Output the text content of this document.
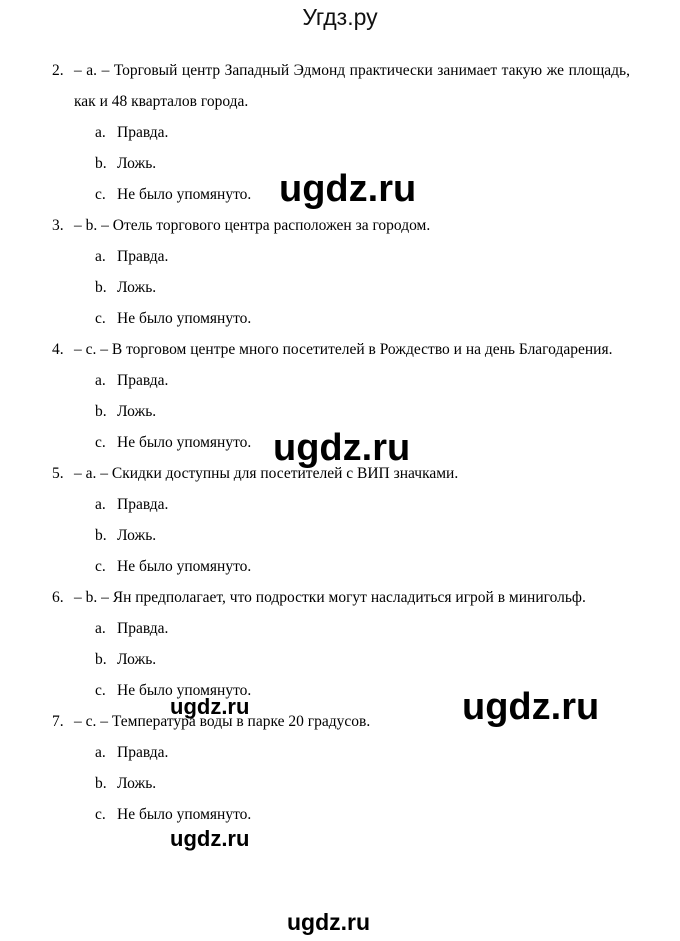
Угдз.ру
2. – a. – Торговый центр Западный Эдмонд практически занимает такую же площадь, как и 48 кварталов города.
a. Правда.
b. Ложь.
c. Не было упомянуто.
3. – b. – Отель торгового центра расположен за городом.
a. Правда.
b. Ложь.
c. Не было упомянуто.
4. – c. – В торговом центре много посетителей в Рождество и на день Благодарения.
a. Правда.
b. Ложь.
c. Не было упомянуто.
5. – a. – Скидки доступны для посетителей с ВИП значками.
a. Правда.
b. Ложь.
c. Не было упомянуто.
6. – b. – Ян предполагает, что подростки могут насладиться игрой в минигольф.
a. Правда.
b. Ложь.
c. Не было упомянуто.
7. – c. – Температура воды в парке 20 градусов.
a. Правда.
b. Ложь.
c. Не было упомянуто.
ugdz.ru
ugdz.ru
ugdz.ru
ugdz.ru
ugdz.ru
ugdz.ru
